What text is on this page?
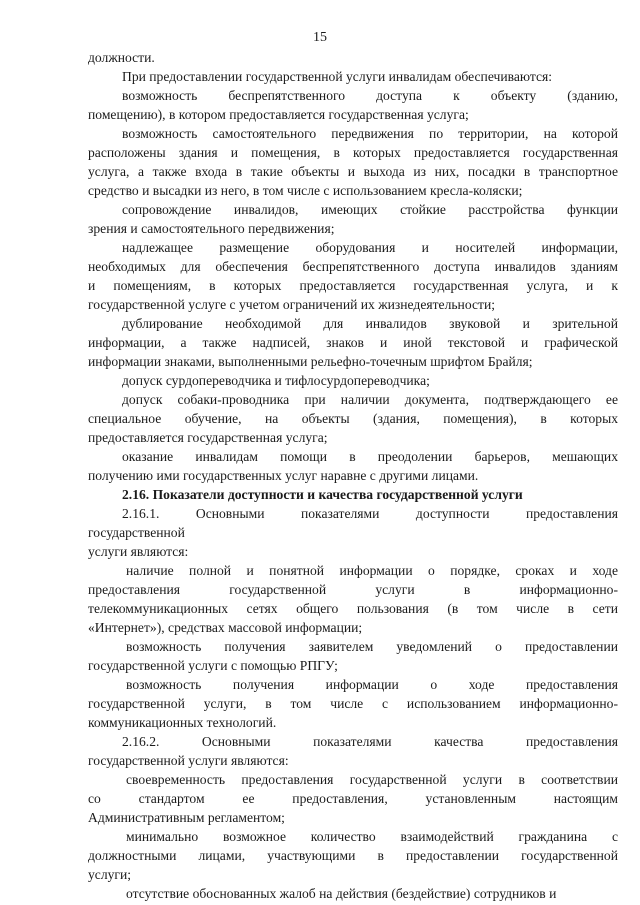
15
должности.
При предоставлении государственной услуги инвалидам обеспечиваются:
возможность беспрепятственного доступа к объекту (зданию,
помещению), в котором предоставляется государственная услуга;
возможность самостоятельного передвижения по территории, на которой
расположены здания и помещения, в которых предоставляется государственная
услуга, а также входа в такие объекты и выхода из них, посадки в транспортное
средство и высадки из него, в том числе с использованием кресла-коляски;
сопровождение инвалидов, имеющих стойкие расстройства функции
зрения и самостоятельного передвижения;
надлежащее размещение оборудования и носителей информации,
необходимых для обеспечения беспрепятственного доступа инвалидов зданиям
и помещениям, в которых предоставляется государственная услуга, и к
государственной услуге с учетом ограничений их жизнедеятельности;
дублирование необходимой для инвалидов звуковой и зрительной
информации, а также надписей, знаков и иной текстовой и графической
информации знаками, выполненными рельефно-точечным шрифтом Брайля;
допуск сурдопереводчика и тифлосурдопереводчика;
допуск собаки-проводника при наличии документа, подтверждающего ее
специальное обучение, на объекты (здания, помещения), в которых
предоставляется государственная услуга;
оказание инвалидам помощи в преодолении барьеров, мешающих
получению ими государственных услуг наравне с другими лицами.
2.16. Показатели доступности и качества государственной услуги
2.16.1. Основными показателями доступности предоставления
государственной
услуги являются:
наличие полной и понятной информации о порядке, сроках и ходе
предоставления государственной услуги в информационно-
телекоммуникационных сетях общего пользования (в том числе в сети
«Интернет»), средствах массовой информации;
возможность получения заявителем уведомлений о предоставлении
государственной услуги с помощью РПГУ;
возможность получения информации о ходе предоставления
государственной услуги, в том числе с использованием информационно-
коммуникационных технологий.
2.16.2. Основными показателями качества предоставления
государственной услуги являются:
своевременность предоставления государственной услуги в соответствии
со стандартом ее предоставления, установленным настоящим
Административным регламентом;
минимально возможное количество взаимодействий гражданина с
должностными лицами, участвующими в предоставлении государственной
услуги;
отсутствие обоснованных жалоб на действия (бездействие) сотрудников и
